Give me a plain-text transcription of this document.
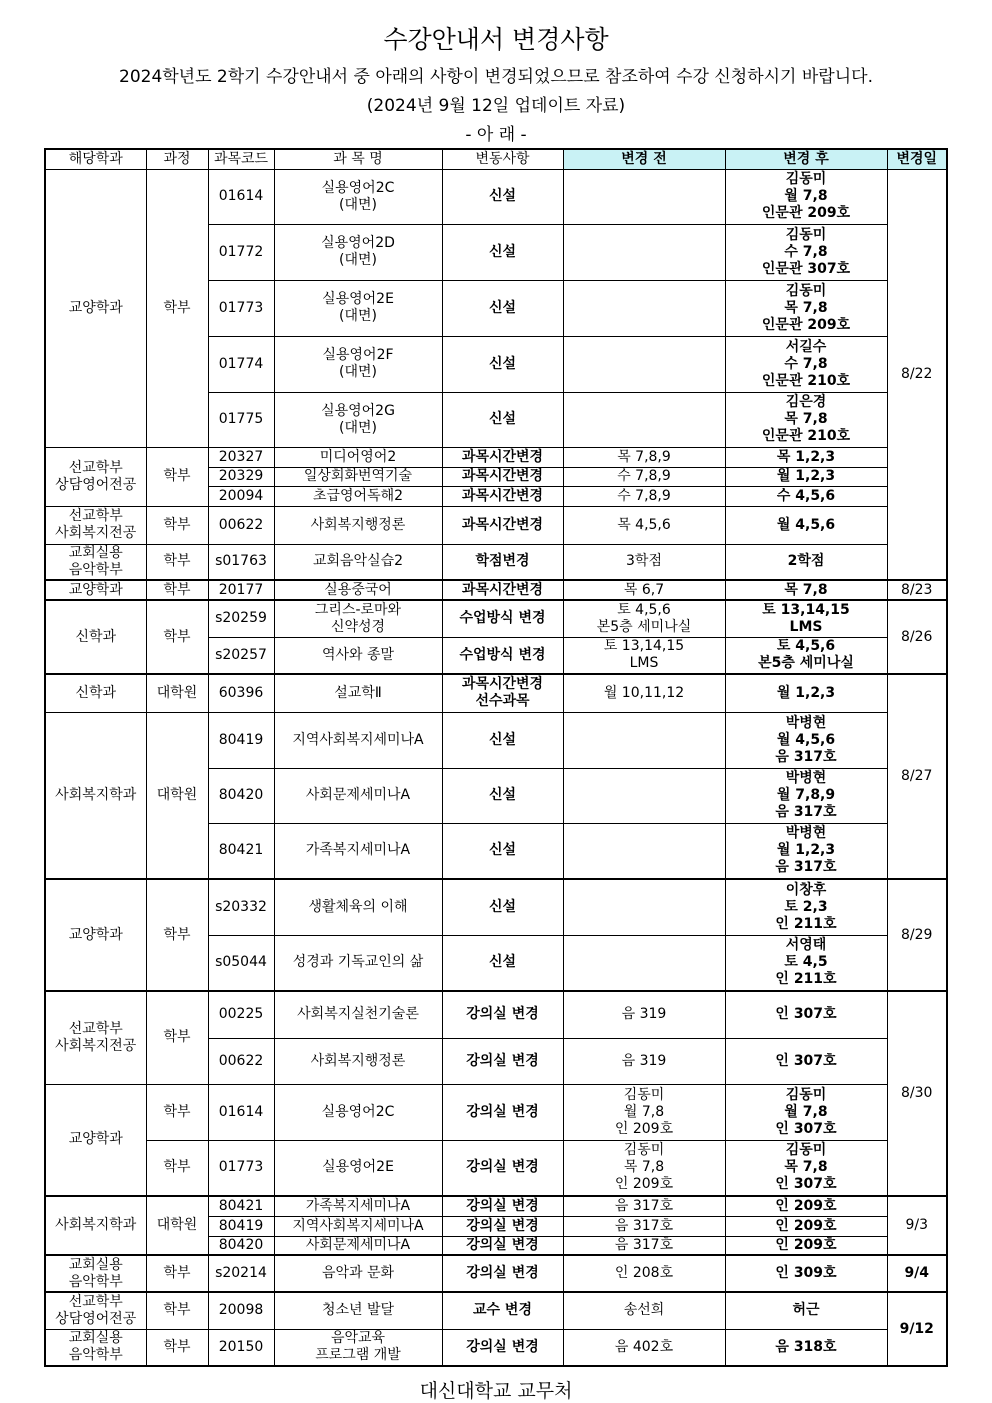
수강안내서 변경사항
2024학년도 2학기 수강안내서 중 아래의 사항이 변경되었으므로 참조하여 수강 신청하시기 바랍니다.
(2024년 9월 12일 업데이트 자료)
- 아 래 -
해당학과	과정	과목코드	과 목 명	변동사항	변경 전	변경 후	변경일
교양학과	학부	01614	실용영어2C
(대면)	신설		김동미
월 7,8
인문관 209호	8/22
		01772	실용영어2D
(대면)	신설		김동미
수 7,8
인문관 307호	
		01773	실용영어2E
(대면)	신설		김동미
목 7,8
인문관 209호	
		01774	실용영어2F
(대면)	신설		서길수
수 7,8
인문관 210호	
		01775	실용영어2G
(대면)	신설		김은경
목 7,8
인문관 210호	
선교학부
상담영어전공	학부	20327	미디어영어2	과목시간변경	목 7,8,9	목 1,2,3	
		20329	일상회화번역기술	과목시간변경	수 7,8,9	월 1,2,3	
		20094	초급영어독해2	과목시간변경	수 7,8,9	수 4,5,6	
선교학부
사회복지전공	학부	00622	사회복지행정론	과목시간변경	목 4,5,6	월 4,5,6	
교회실용
음악학부	학부	s01763	교회음악실습2	학점변경	3학점	2학점	
교양학과	학부	20177	실용중국어	과목시간변경	목 6,7	목 7,8	8/23
신학과	학부	s20259	그리스-로마와
신약성경	수업방식 변경	토 4,5,6
본5층 세미나실	토 13,14,15
LMS	8/26
		s20257	역사와 종말	수업방식 변경	토 13,14,15
LMS	토 4,5,6
본5층 세미나실	
신학과	대학원	60396	설교학Ⅱ	과목시간변경
선수과목	월 10,11,12	월 1,2,3	8/27
사회복지학과	대학원	80419	지역사회복지세미나A	신설		박병현
월 4,5,6
음 317호	
		80420	사회문제세미나A	신설		박병현
월 7,8,9
음 317호	
		80421	가족복지세미나A	신설		박병현
월 1,2,3
음 317호	
교양학과	학부	s20332	생활체육의 이해	신설		이창후
토 2,3
인 211호	8/29
		s05044	성경과 기독교인의 삶	신설		서영태
토 4,5
인 211호	
선교학부
사회복지전공	학부	00225	사회복지실천기술론	강의실 변경	음 319	인 307호	8/30
		00622	사회복지행정론	강의실 변경	음 319	인 307호	
교양학과	학부	01614	실용영어2C	강의실 변경	김동미
월 7,8
인 209호	김동미
월 7,8
인 307호	
	학부	01773	실용영어2E	강의실 변경	김동미
목 7,8
인 209호	김동미
목 7,8
인 307호	
사회복지학과	대학원	80421	가족복지세미나A	강의실 변경	음 317호	인 209호	9/3
		80419	지역사회복지세미나A	강의실 변경	음 317호	인 209호	
		80420	사회문제세미나A	강의실 변경	음 317호	인 209호	
교회실용
음악학부	학부	s20214	음악과 문화	강의실 변경	인 208호	인 309호	9/4
선교학부
상담영어전공	학부	20098	청소년 발달	교수 변경	송선희	허근	9/12
교회실용
음악학부	학부	20150	음악교육
프로그램 개발	강의실 변경	음 402호	음 318호	
대신대학교 교무처
